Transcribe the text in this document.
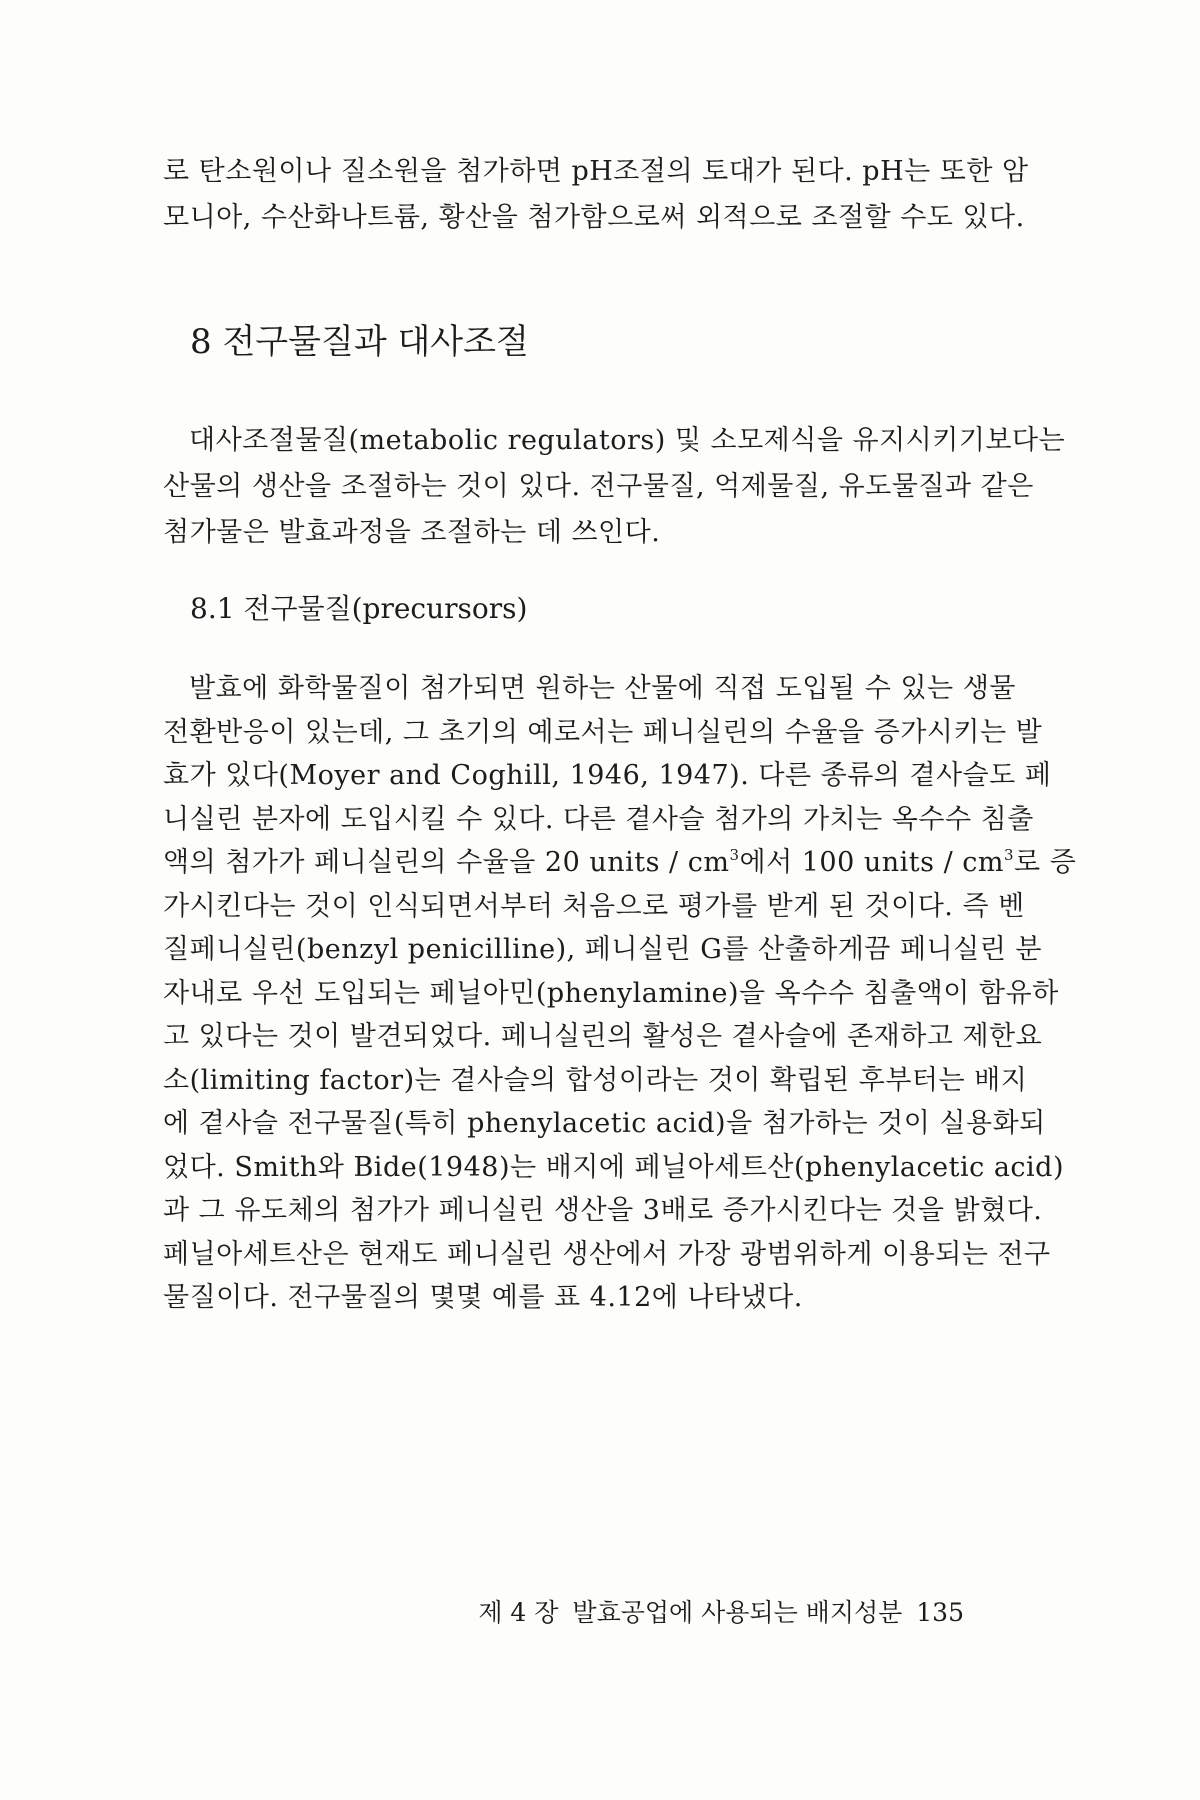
로 탄소원이나 질소원을 첨가하면 pH조절의 토대가 된다. pH는 또한 암
모니아, 수산화나트륨, 황산을 첨가함으로써 외적으로 조절할 수도 있다.
8 전구물질과 대사조절
대사조절물질(metabolic regulators) 및 소모제식을 유지시키기보다는
산물의 생산을 조절하는 것이 있다. 전구물질, 억제물질, 유도물질과 같은
첨가물은 발효과정을 조절하는 데 쓰인다.
8.1 전구물질(precursors)
발효에 화학물질이 첨가되면 원하는 산물에 직접 도입될 수 있는 생물
전환반응이 있는데, 그 초기의 예로서는 페니실린의 수율을 증가시키는 발
효가 있다(Moyer and Coghill, 1946, 1947). 다른 종류의 곁사슬도 페
니실린 분자에 도입시킬 수 있다. 다른 곁사슬 첨가의 가치는 옥수수 침출
액의 첨가가 페니실린의 수율을 20 units / $cm^3$에서 100 units / $cm^3$로 증
가시킨다는 것이 인식되면서부터 처음으로 평가를 받게 된 것이다. 즉 벤
질페니실린(benzyl penicilline), 페니실린 G를 산출하게끔 페니실린 분
자내로 우선 도입되는 페닐아민(phenylamine)을 옥수수 침출액이 함유하
고 있다는 것이 발견되었다. 페니실린의 활성은 곁사슬에 존재하고 제한요
소(limiting factor)는 곁사슬의 합성이라는 것이 확립된 후부터는 배지
에 곁사슬 전구물질(특히 phenylacetic acid)을 첨가하는 것이 실용화되
었다. Smith와 Bide(1948)는 배지에 페닐아세트산(phenylacetic acid)
과 그 유도체의 첨가가 페니실린 생산을 3배로 증가시킨다는 것을 밝혔다.
페닐아세트산은 현재도 페니실린 생산에서 가장 광범위하게 이용되는 전구
물질이다. 전구물질의 몇몇 예를 표 4.12에 나타냈다.
제 4 장 발효공업에 사용되는 배지성분 135
